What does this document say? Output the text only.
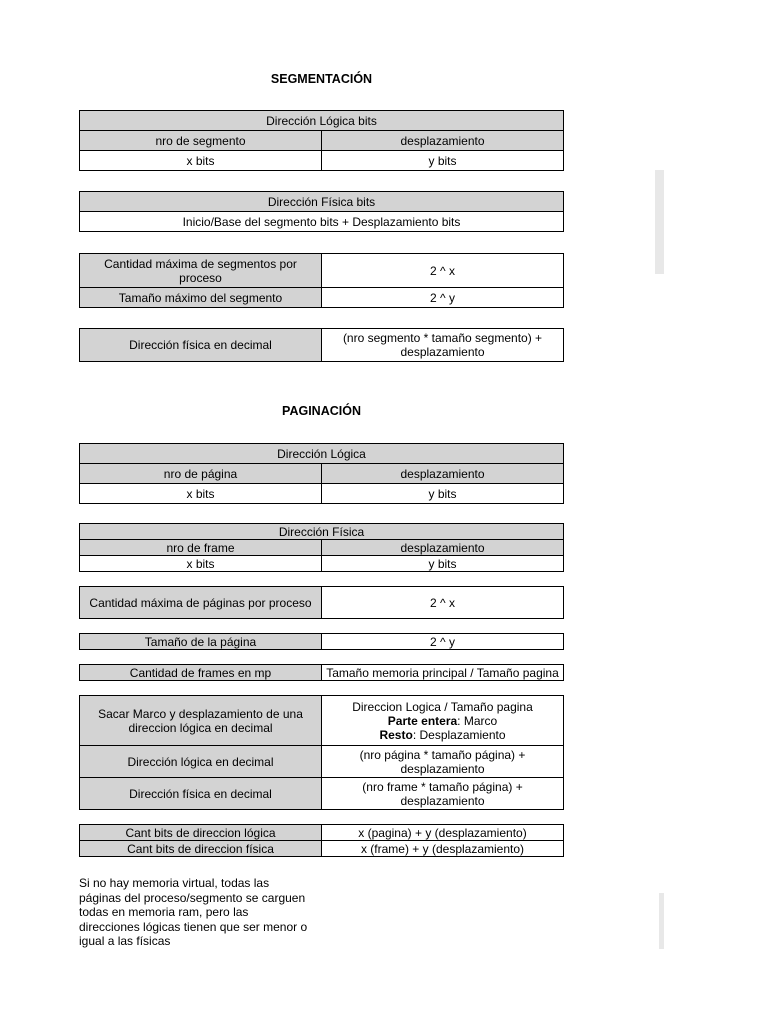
SEGMENTACIÓN
Dirección Lógica bits	
nro de segmento	desplazamiento
x bits	y bits
Dirección Física bits
Inicio/Base del segmento bits + Desplazamiento bits
Cantidad máxima de segmentos por proceso	2 ^ x
Tamaño máximo del segmento	2 ^ y
Dirección física en decimal	(nro segmento * tamaño segmento) + desplazamiento
PAGINACIÓN
Dirección Lógica	
nro de página	desplazamiento
x bits	y bits
Dirección Física	
nro de frame	desplazamiento
x bits	y bits
Cantidad máxima de páginas por proceso	2 ^ x
Tamaño de la página	2 ^ y
Cantidad de frames en mp	Tamaño memoria principal / Tamaño pagina
Sacar Marco y desplazamiento de una direccion lógica en decimal	Direccion Logica / Tamaño pagina
Parte entera: Marco
Resto: Desplazamiento

Dirección lógica en decimal	(nro página * tamaño página) + desplazamiento
Dirección física en decimal	(nro frame * tamaño página) + desplazamiento
Cant bits de direccion lógica	x (pagina) + y (desplazamiento)
Cant bits de direccion física	x (frame) + y (desplazamiento)
Si no hay memoria virtual, todas las páginas del proceso/segmento se carguen todas en memoria ram, pero las direcciones lógicas tienen que ser menor o igual a las físicas
